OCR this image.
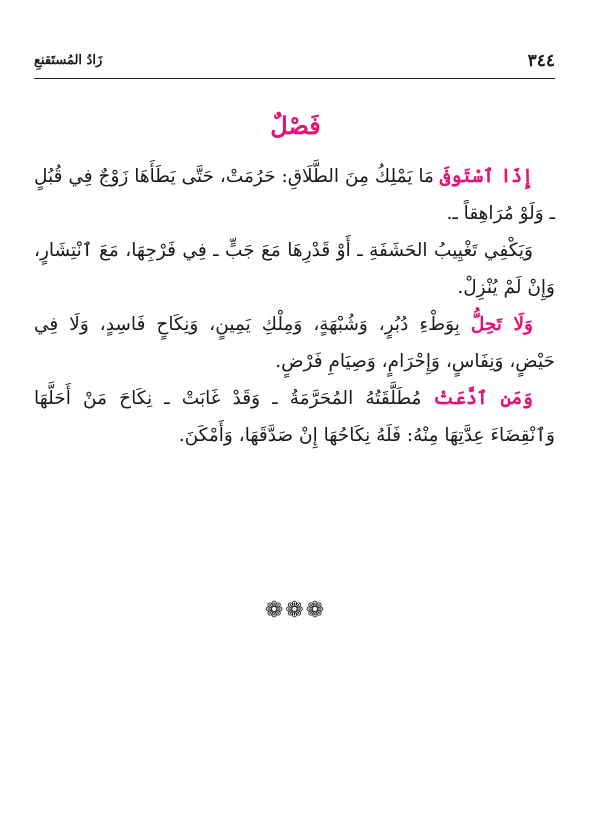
٣٤٤
زَادُ المُستَقنعِ
فَصْلٌ

إِذَا ٱسْتَوفَى مَا يَمْلِكُ مِنَ الطَّلَاقِ: حَرُمَتْ، حَتَّى يَطَأَهَا زَوْجٌ فِي قُبُلٍ ـ وَلَوْ مُرَاهِقاً ـ.

وَيَكْفِي تَغْيِيبُ الحَشَفَةِ ـ أَوْ قَدْرِهَا مَعَ جَبٍّ ـ فِي فَرْجِهَا، مَعَ ٱنْتِشَارٍ، وَإِنْ لَمْ يُنْزِلْ.

وَلَا تَحِلُّ بِوَطْءِ دُبُرٍ، وَشُبْهَةٍ، وَمِلْكِ يَمِينٍ، وَنِكَاحٍ فَاسِدٍ، وَلَا فِي حَيْضٍ، وَنِفَاسٍ، وَإِحْرَامٍ، وَصِيَامِ فَرْضٍ.

وَمَنِ ٱدَّعَتْ مُطَلَّقَتُهُ المُحَرَّمَةُ ـ وَقَدْ غَابَتْ ـ نِكَاحَ مَنْ أَحَلَّهَا وَٱنْقِضَاءَ عِدَّتِهَا مِنْهُ: فَلَهُ نِكَاحُهَا إِنْ صَدَّقَهَا، وَأَمْكَنَ.

❁❁❁
